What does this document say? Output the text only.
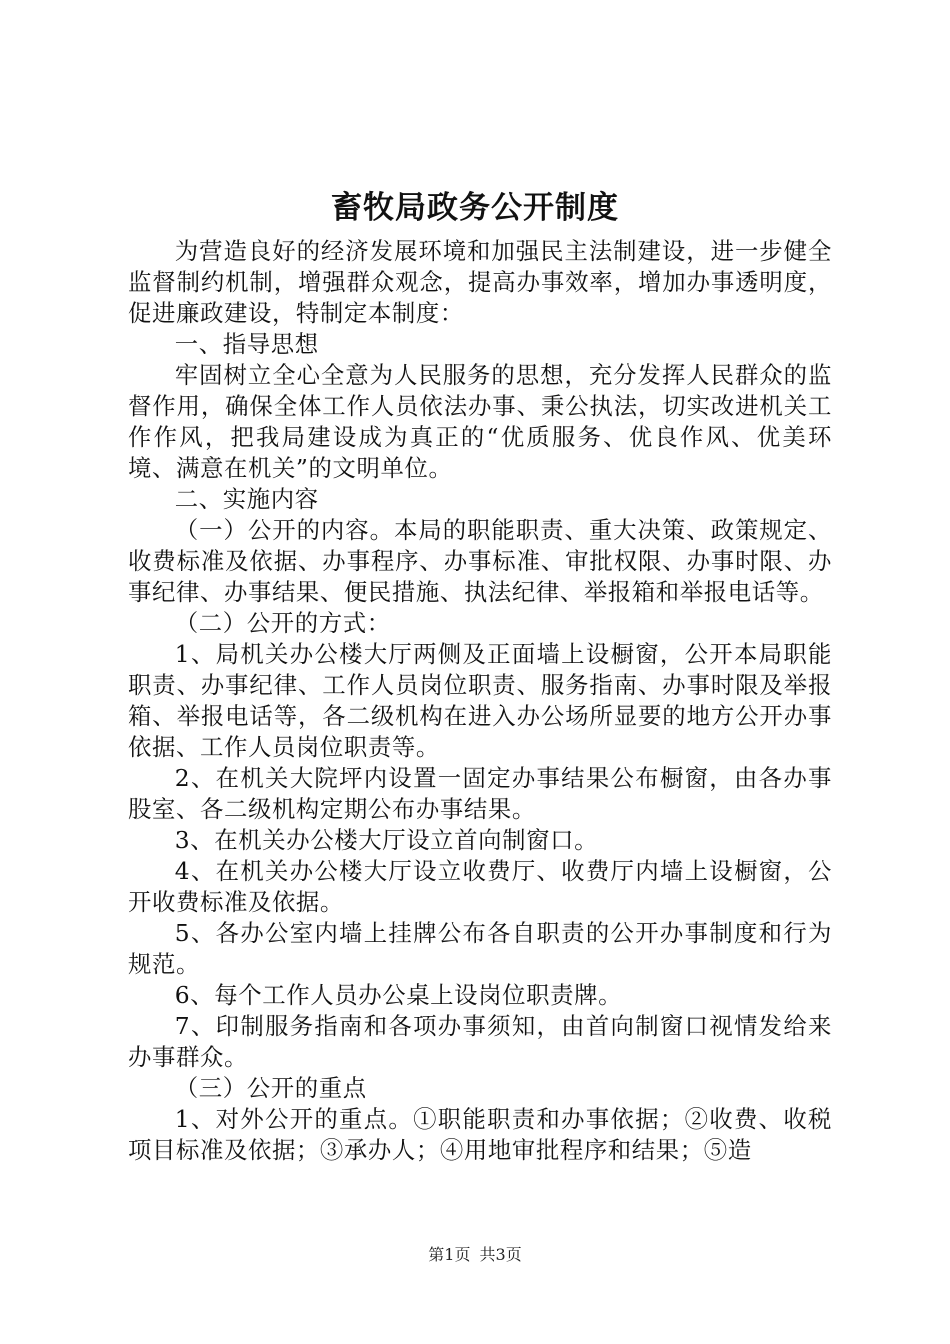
畜牧局政务公开制度

为营造良好的经济发展环境和加强民主法制建设，进一步健全监督制约机制，增强群众观念，提高办事效率，增加办事透明度，促进廉政建设，特制定本制度：

一、指导思想

牢固树立全心全意为人民服务的思想，充分发挥人民群众的监督作用，确保全体工作人员依法办事、秉公执法，切实改进机关工作作风，把我局建设成为真正的“优质服务、优良作风、优美环境、满意在机关”的文明单位。

二、实施内容

（一）公开的内容。本局的职能职责、重大决策、政策规定、收费标准及依据、办事程序、办事标准、审批权限、办事时限、办事纪律、办事结果、便民措施、执法纪律、举报箱和举报电话等。

（二）公开的方式：

1、局机关办公楼大厅两侧及正面墙上设橱窗，公开本局职能职责、办事纪律、工作人员岗位职责、服务指南、办事时限及举报箱、举报电话等，各二级机构在进入办公场所显要的地方公开办事依据、工作人员岗位职责等。

2、在机关大院坪内设置一固定办事结果公布橱窗，由各办事股室、各二级机构定期公布办事结果。

3、在机关办公楼大厅设立首向制窗口。

4、在机关办公楼大厅设立收费厅、收费厅内墙上设橱窗，公开收费标准及依据。

5、各办公室内墙上挂牌公布各自职责的公开办事制度和行为规范。

6、每个工作人员办公桌上设岗位职责牌。

7、印制服务指南和各项办事须知，由首向制窗口视情发给来办事群众。

（三）公开的重点

1、对外公开的重点。①职能职责和办事依据；②收费、收税项目标准及依据；③承办人；④用地审批程序和结果；⑤造

第1页 共3页
